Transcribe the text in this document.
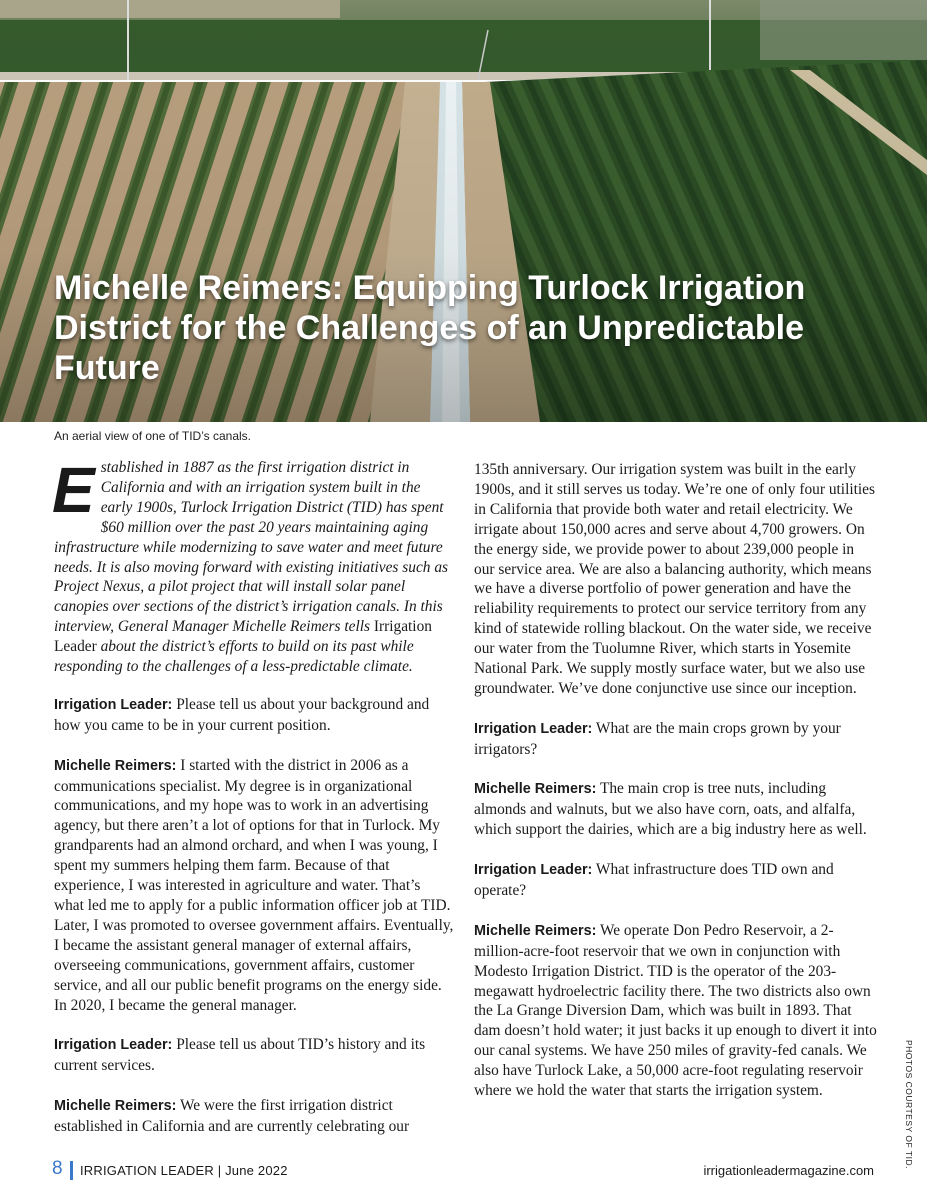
Michelle Reimers: Equipping Turlock Irrigation District for the Challenges of an Unpredictable Future
An aerial view of one of TID’s canals.

Established in 1887 as the first irrigation district in California and with an irrigation system built in the early 1900s, Turlock Irrigation District (TID) has spent $60 million over the past 20 years maintaining aging infrastructure while modernizing to save water and meet future needs. It is also moving forward with existing initiatives such as Project Nexus, a pilot project that will install solar panel canopies over sections of the district’s irrigation canals. In this interview, General Manager Michelle Reimers tells Irrigation Leader about the district’s efforts to build on its past while responding to the challenges of a less-predictable climate.

Irrigation Leader: Please tell us about your background and how you came to be in your current position.

Michelle Reimers: I started with the district in 2006 as a communications specialist. My degree is in organizational communications, and my hope was to work in an advertising agency, but there aren’t a lot of options for that in Turlock. My grandparents had an almond orchard, and when I was young, I spent my summers helping them farm. Because of that experience, I was interested in agriculture and water. That’s what led me to apply for a public information officer job at TID. Later, I was promoted to oversee government affairs. Eventually, I became the assistant general manager of external affairs, overseeing communications, government affairs, customer service, and all our public benefit programs on the energy side. In 2020, I became the general manager.

Irrigation Leader: Please tell us about TID’s history and its current services.

Michelle Reimers: We were the first irrigation district established in California and are currently celebrating our

135th anniversary. Our irrigation system was built in the early 1900s, and it still serves us today. We’re one of only four utilities in California that provide both water and retail electricity. We irrigate about 150,000 acres and serve about 4,700 growers. On the energy side, we provide power to about 239,000 people in our service area. We are also a balancing authority, which means we have a diverse portfolio of power generation and have the reliability requirements to protect our service territory from any kind of statewide rolling blackout. On the water side, we receive our water from the Tuolumne River, which starts in Yosemite National Park. We supply mostly surface water, but we also use groundwater. We’ve done conjunctive use since our inception.

Irrigation Leader: What are the main crops grown by your irrigators?

Michelle Reimers: The main crop is tree nuts, including almonds and walnuts, but we also have corn, oats, and alfalfa, which support the dairies, which are a big industry here as well.

Irrigation Leader: What infrastructure does TID own and operate?

Michelle Reimers: We operate Don Pedro Reservoir, a 2-million-acre-foot reservoir that we own in conjunction with Modesto Irrigation District. TID is the operator of the 203-megawatt hydroelectric facility there. The two districts also own the La Grange Diversion Dam, which was built in 1893. That dam doesn’t hold water; it just backs it up enough to divert it into our canal systems. We have 250 miles of gravity-fed canals. We also have Turlock Lake, a 50,000 acre-foot regulating reservoir where we hold the water that starts the irrigation system.	PHOTOS COURTESY OF TID.
8 IRRIGATION LEADER | June 2022	irrigationleadermagazine.com
